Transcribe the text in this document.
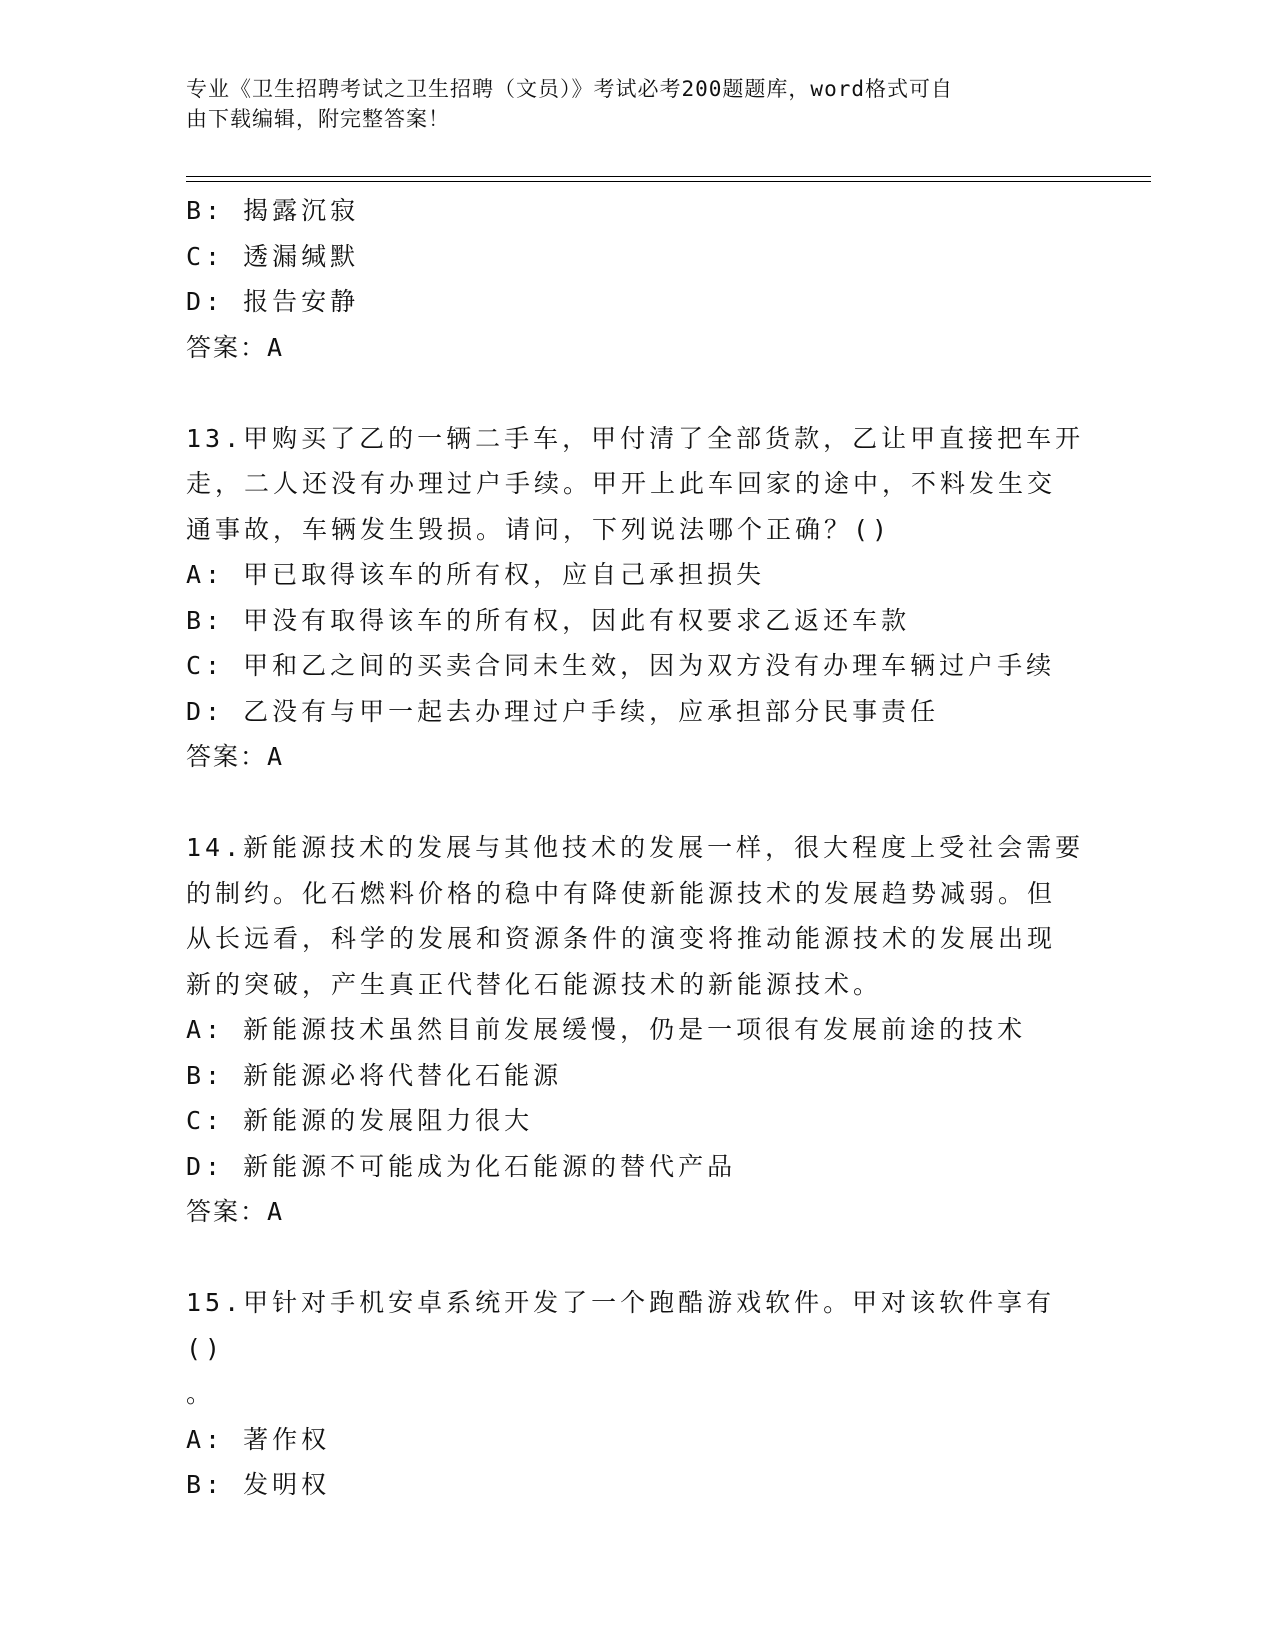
专业《卫生招聘考试之卫生招聘（文员）》考试必考200题题库，word格式可自
由下载编辑，附完整答案！
B: 揭露沉寂
C: 透漏缄默
D: 报告安静
答案：A
13.甲购买了乙的一辆二手车，甲付清了全部货款，乙让甲直接把车开
走，二人还没有办理过户手续。甲开上此车回家的途中，不料发生交
通事故，车辆发生毁损。请问，下列说法哪个正确？()
A: 甲已取得该车的所有权，应自己承担损失
B: 甲没有取得该车的所有权，因此有权要求乙返还车款
C: 甲和乙之间的买卖合同未生效，因为双方没有办理车辆过户手续
D: 乙没有与甲一起去办理过户手续，应承担部分民事责任
答案：A
14.新能源技术的发展与其他技术的发展一样，很大程度上受社会需要
的制约。化石燃料价格的稳中有降使新能源技术的发展趋势减弱。但
从长远看，科学的发展和资源条件的演变将推动能源技术的发展出现
新的突破，产生真正代替化石能源技术的新能源技术。
A: 新能源技术虽然目前发展缓慢，仍是一项很有发展前途的技术
B: 新能源必将代替化石能源
C: 新能源的发展阻力很大
D: 新能源不可能成为化石能源的替代产品
答案：A
15.甲针对手机安卓系统开发了一个跑酷游戏软件。甲对该软件享有()
。
A: 著作权
B: 发明权
